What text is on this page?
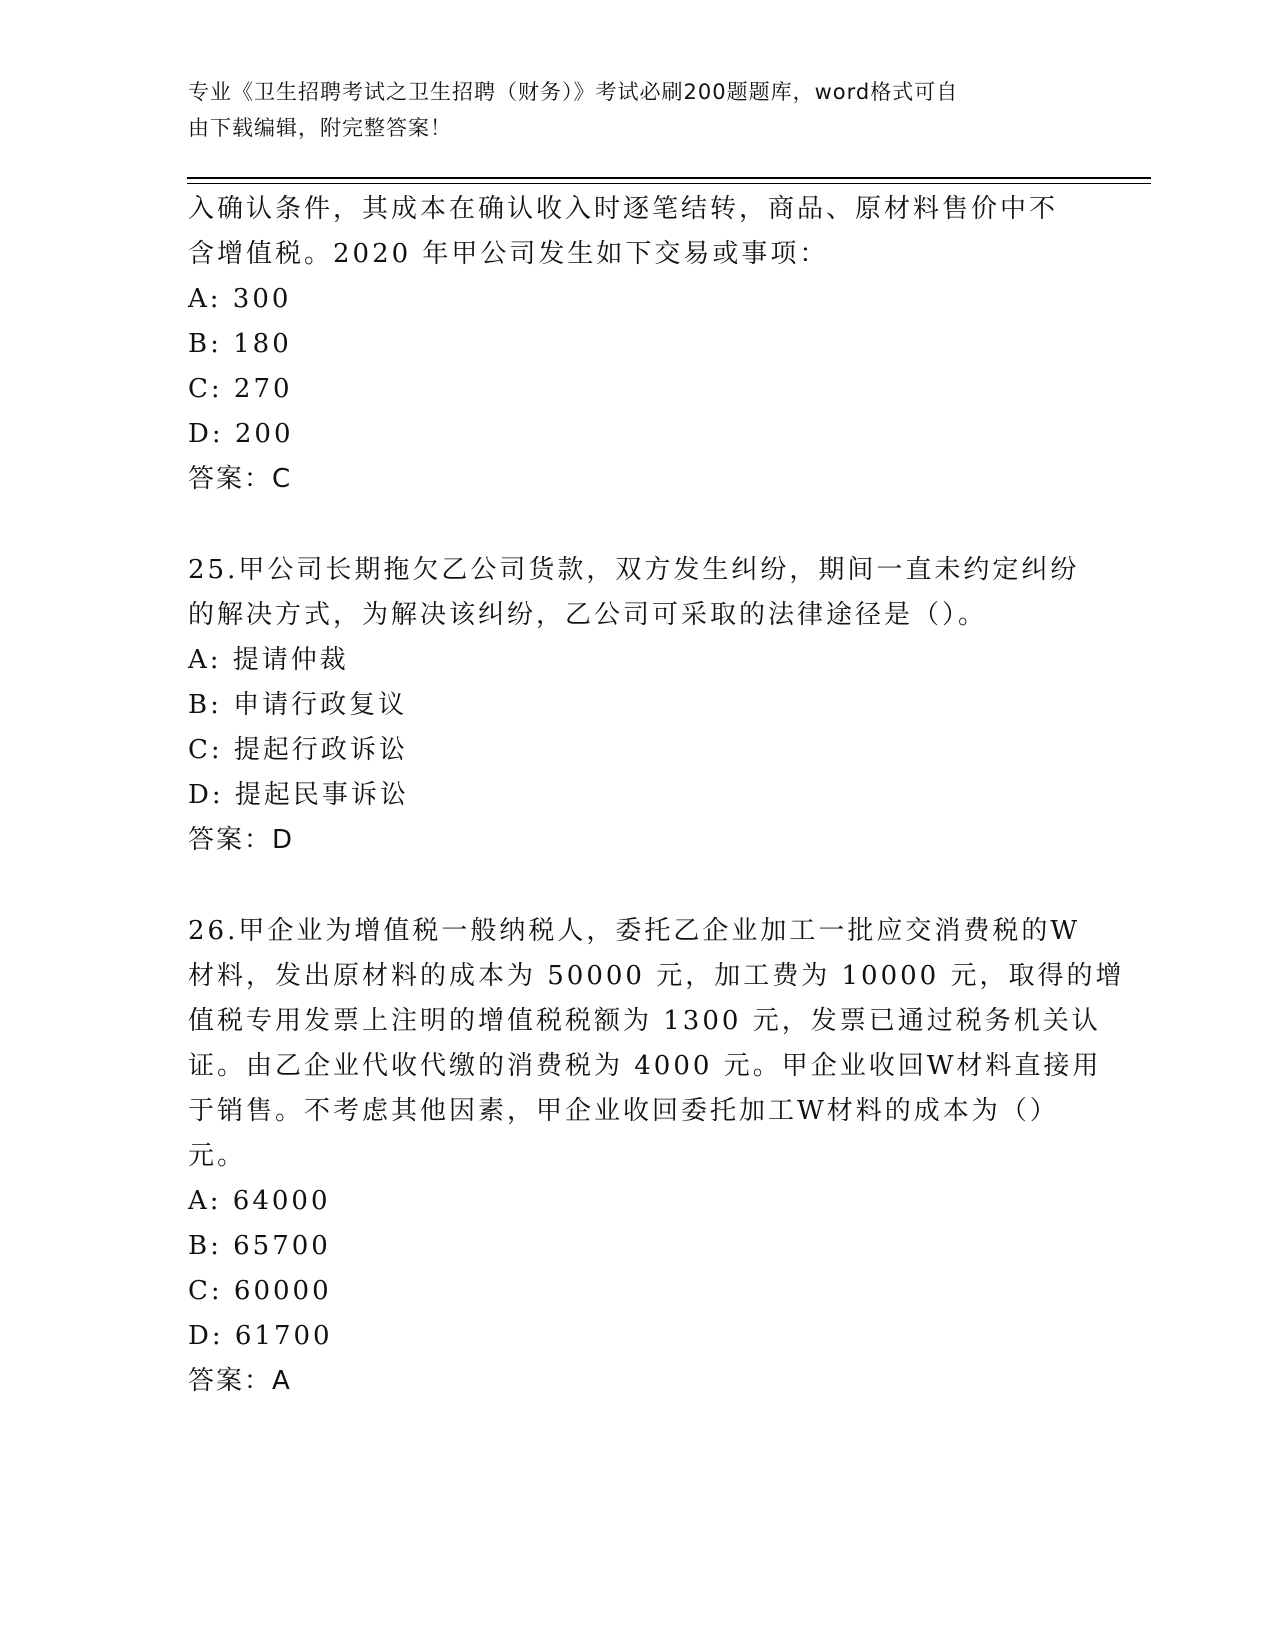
专业《卫生招聘考试之卫生招聘（财务）》考试必刷200题题库，word格式可自
由下载编辑，附完整答案！
入确认条件，其成本在确认收入时逐笔结转，商品、原材料售价中不
含增值税。2020 年甲公司发生如下交易或事项：
A: 300
B: 180
C: 270
D: 200
答案：C
25.甲公司长期拖欠乙公司货款，双方发生纠纷，期间一直未约定纠纷
的解决方式，为解决该纠纷，乙公司可采取的法律途径是（）。
A: 提请仲裁
B: 申请行政复议
C: 提起行政诉讼
D: 提起民事诉讼
答案：D
26.甲企业为增值税一般纳税人，委托乙企业加工一批应交消费税的W
材料，发出原材料的成本为 50000 元，加工费为 10000 元，取得的增
值税专用发票上注明的增值税税额为 1300 元，发票已通过税务机关认
证。由乙企业代收代缴的消费税为 4000 元。甲企业收回W材料直接用
于销售。不考虑其他因素，甲企业收回委托加工W材料的成本为（）
元。
A: 64000
B: 65700
C: 60000
D: 61700
答案：A
